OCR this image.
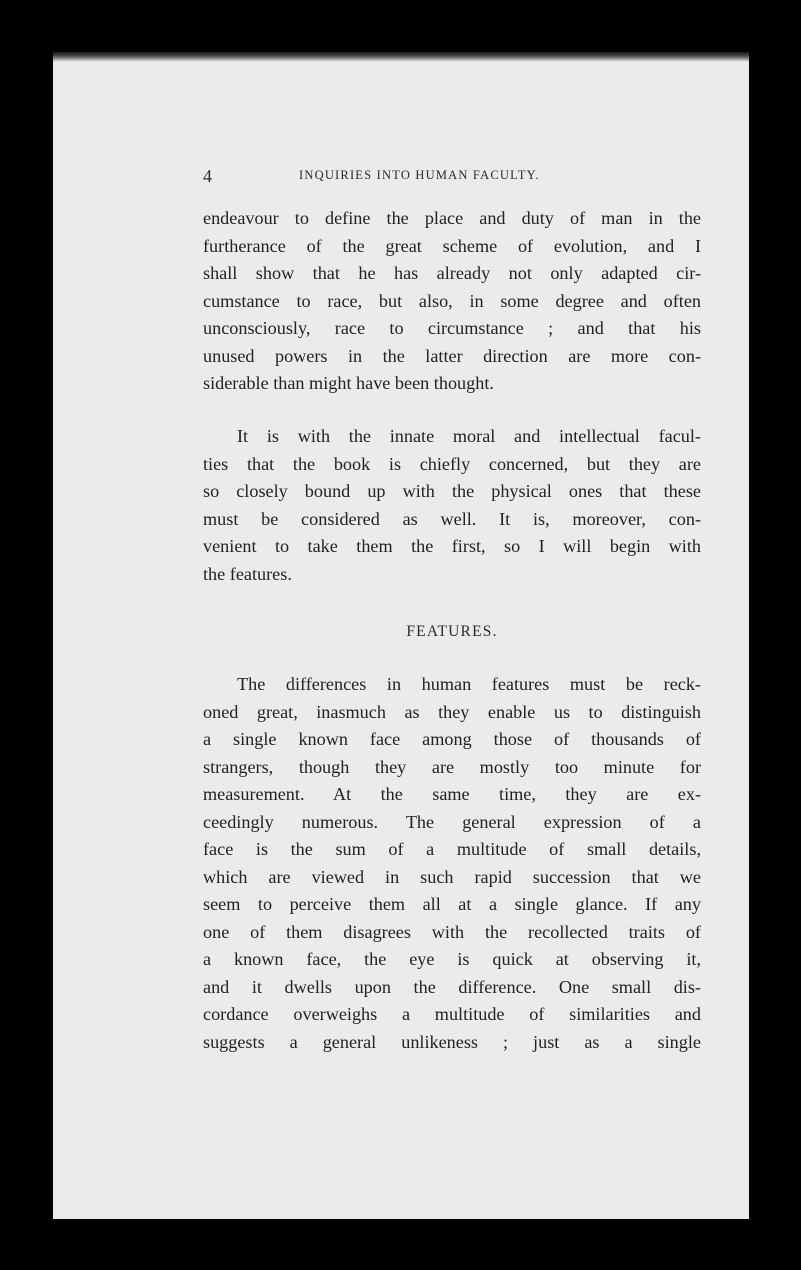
4	INQUIRIES INTO HUMAN FACULTY.
endeavour to define the place and duty of man in the
furtherance of the great scheme of evolution, and I
shall show that he has already not only adapted cir-
cumstance to race, but also, in some degree and often
unconsciously, race to circumstance ; and that his
unused powers in the latter direction are more con-
siderable than might have been thought.
It is with the innate moral and intellectual facul-
ties that the book is chiefly concerned, but they are
so closely bound up with the physical ones that these
must be considered as well. It is, moreover, con-
venient to take them the first, so I will begin with
the features.
FEATURES.
The differences in human features must be reck-
oned great, inasmuch as they enable us to distinguish
a single known face among those of thousands of
strangers, though they are mostly too minute for
measurement. At the same time, they are ex-
ceedingly numerous. The general expression of a
face is the sum of a multitude of small details,
which are viewed in such rapid succession that we
seem to perceive them all at a single glance. If any
one of them disagrees with the recollected traits of
a known face, the eye is quick at observing it,
and it dwells upon the difference. One small dis-
cordance overweighs a multitude of similarities and
suggests a general unlikeness ; just as a single
